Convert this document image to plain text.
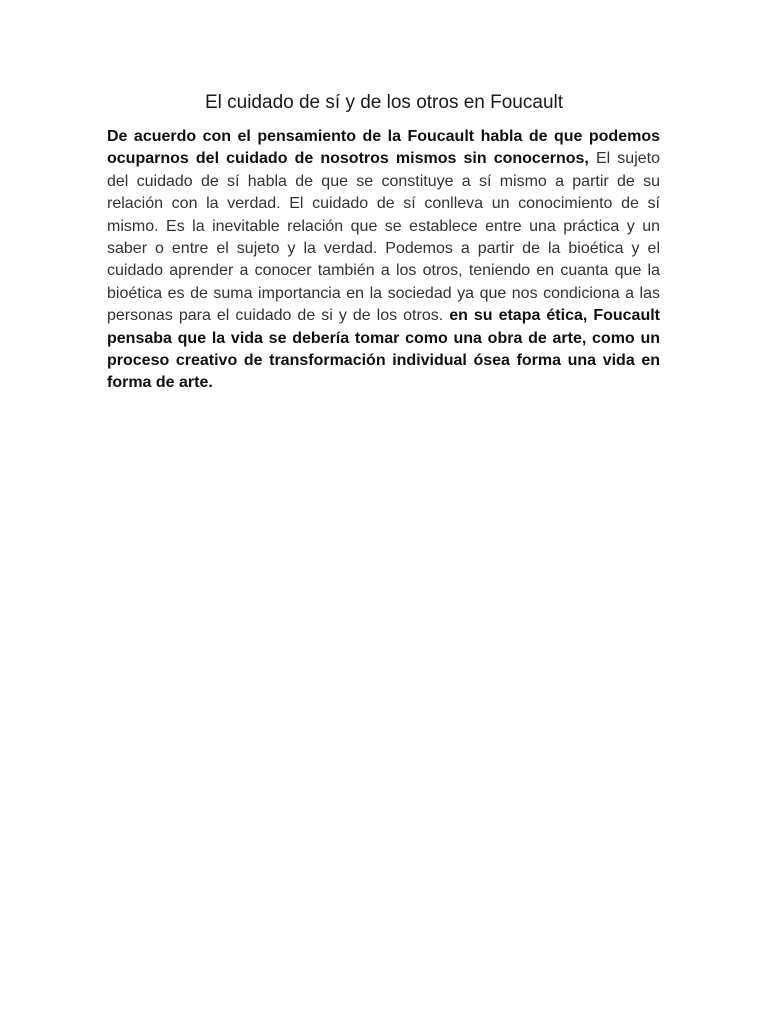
El cuidado de sí y de los otros en Foucault

De acuerdo con el pensamiento de la Foucault habla de que podemos ocuparnos del cuidado de nosotros mismos sin conocernos, El sujeto del cuidado de sí habla de que se constituye a sí mismo a partir de su relación con la verdad. El cuidado de sí conlleva un conocimiento de sí mismo. Es la inevitable relación que se establece entre una práctica y un saber o entre el sujeto y la verdad. Podemos a partir de la bioética y el cuidado aprender a conocer también a los otros, teniendo en cuanta que la bioética es de suma importancia en la sociedad ya que nos condiciona a las personas para el cuidado de si y de los otros. en su etapa ética, Foucault pensaba que la vida se debería tomar como una obra de arte, como un proceso creativo de transformación individual ósea forma una vida en forma de arte.
